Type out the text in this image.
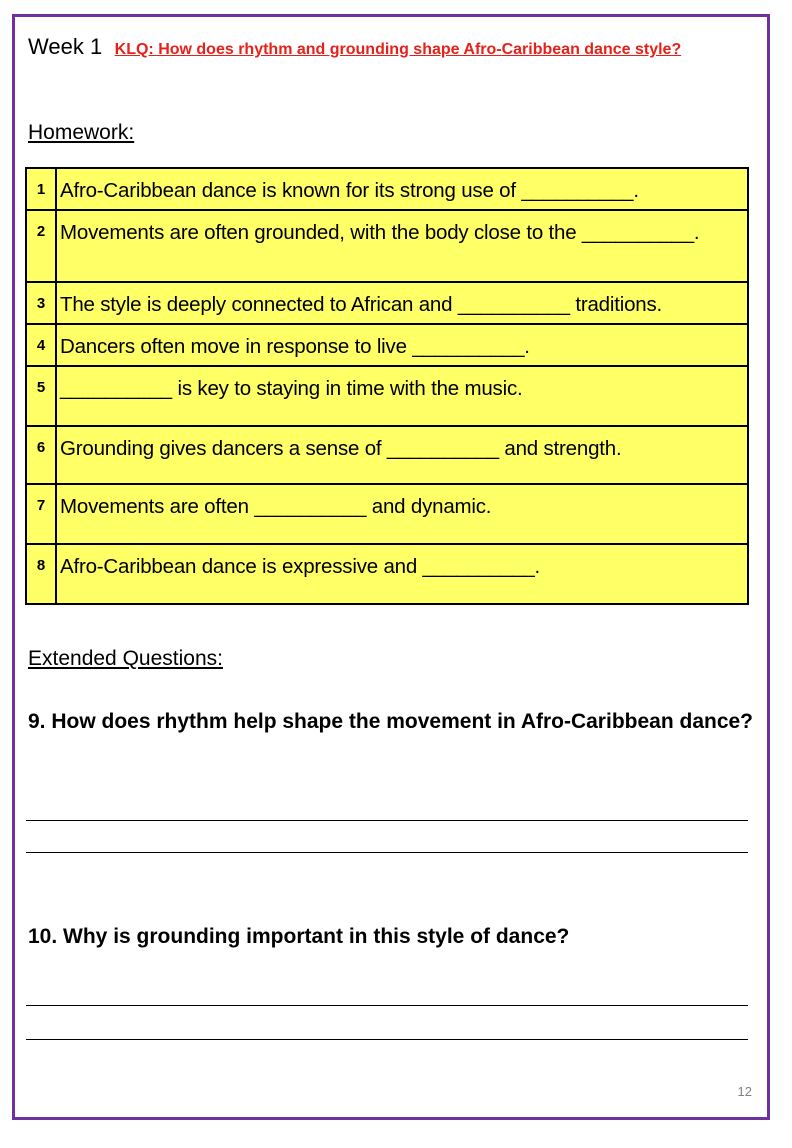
Week 1 KLQ: How does rhythm and grounding shape Afro-Caribbean dance style?
Homework:
1	Afro-Caribbean dance is known for its strong use of __________.
2	Movements are often grounded, with the body close to the __________.
3	The style is deeply connected to African and __________ traditions.
4	Dancers often move in response to live __________.
5	__________ is key to staying in time with the music.
6	Grounding gives dancers a sense of __________ and strength.
7	Movements are often __________ and dynamic.
8	Afro-Caribbean dance is expressive and __________.
Extended Questions:
9. How does rhythm help shape the movement in Afro-Caribbean dance?
10. Why is grounding important in this style of dance?
12
